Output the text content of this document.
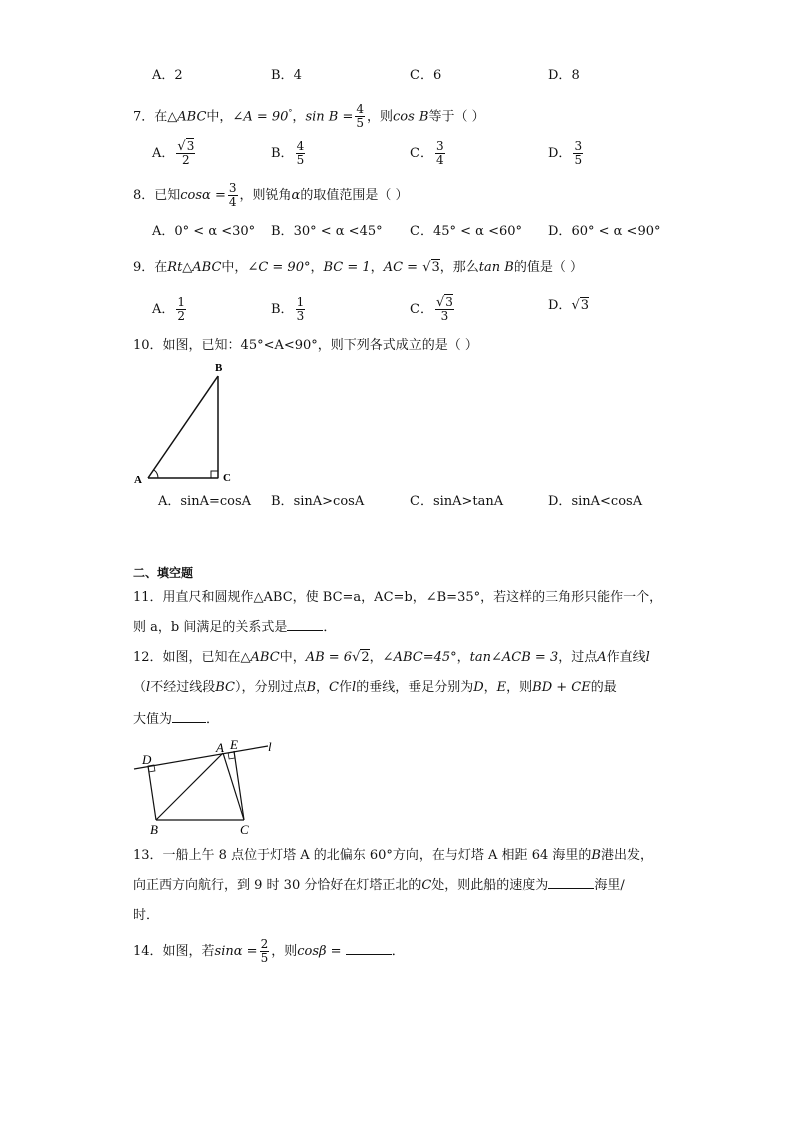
A．2	B．4	C．6	D．8
7．在△ABC中，∠A = 90°，$\sin B = \frac{4}{5}$ ，则cos B等于（ ）
A． $\frac{√3}{2}$	B． $\frac{4}{5}$	C． $\frac{3}{4}$	D． $\frac{3}{5}$
8．已知$\cos\alpha = \frac{3}{4}$ ，则锐角α的取值范围是（ ）
A．0° < α <30° B．30° < α <45° C．45° < α <60° D．60° < α <90°
9．在Rt△ABC中，∠C = 90°，BC = 1，AC = √3，那么tan B的值是（ ）
A． $\frac{1}{2}$	B． $\frac{1}{3}$	C． $\frac{√3}{3}$	D．√3
10．如图，已知：45°<A<90°，则下列各式成立的是（ ）
B
A	C
A．sinA=cosA B．sinA>cosA	C．sinA>tanA	D．sinA<cosA
二、填空题
11．用直尺和圆规作△ABC，使 BC=a，AC=b，∠B=35°，若这样的三角形只能作一个，
则 a，b 间满足的关系式是	．
12．如图，已知在△ABC中，AB = 6√2，∠ABC=45°，tan∠ACB = 3，过点A作直线l
（l不经过线段BC），分别过点B，C作l的垂线，垂足分别为D，E，则BD + CE的最
大值为	．
D
A E l
B	C
13．一船上午 8 点位于灯塔 A 的北偏东 60°方向，在与灯塔 A 相距 64 海里的B港出发，
向正西方向航行，到 9 时 30 分恰好在灯塔正北的C处，则此船的速度为	海里/
时．
14．如图，若$\sin\alpha = \frac{2}{5}$ ，则cosβ =	．
